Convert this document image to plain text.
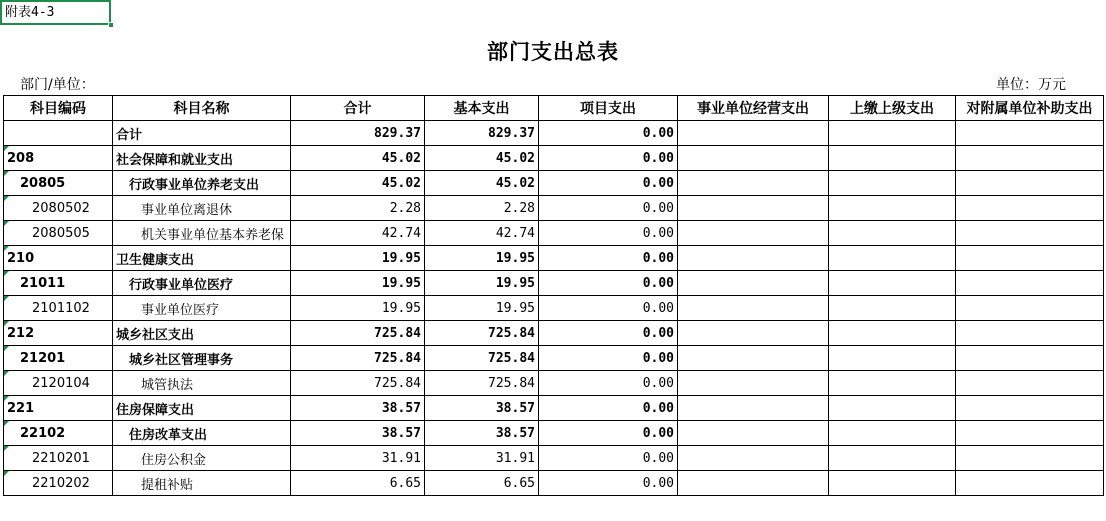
附表4-3
部门支出总表
部门/单位：	单位：万元
科目编码	科目名称	合计	基本支出	项目支出	事业单位经营支出	上缴上级支出	对附属单位补助支出
	合计	829.37	829.37	0.00			
208	社会保障和就业支出	45.02	45.02	0.00			
20805	行政事业单位养老支出	45.02	45.02	0.00			
2080502	事业单位离退休	2.28	2.28	0.00			
2080505	机关事业单位基本养老保	42.74	42.74	0.00			
210	卫生健康支出	19.95	19.95	0.00			
21011	行政事业单位医疗	19.95	19.95	0.00			
2101102	事业单位医疗	19.95	19.95	0.00			
212	城乡社区支出	725.84	725.84	0.00			
21201	城乡社区管理事务	725.84	725.84	0.00			
2120104	城管执法	725.84	725.84	0.00			
221	住房保障支出	38.57	38.57	0.00			
22102	住房改革支出	38.57	38.57	0.00			
2210201	住房公积金	31.91	31.91	0.00			
2210202	提租补贴	6.65	6.65	0.00			
